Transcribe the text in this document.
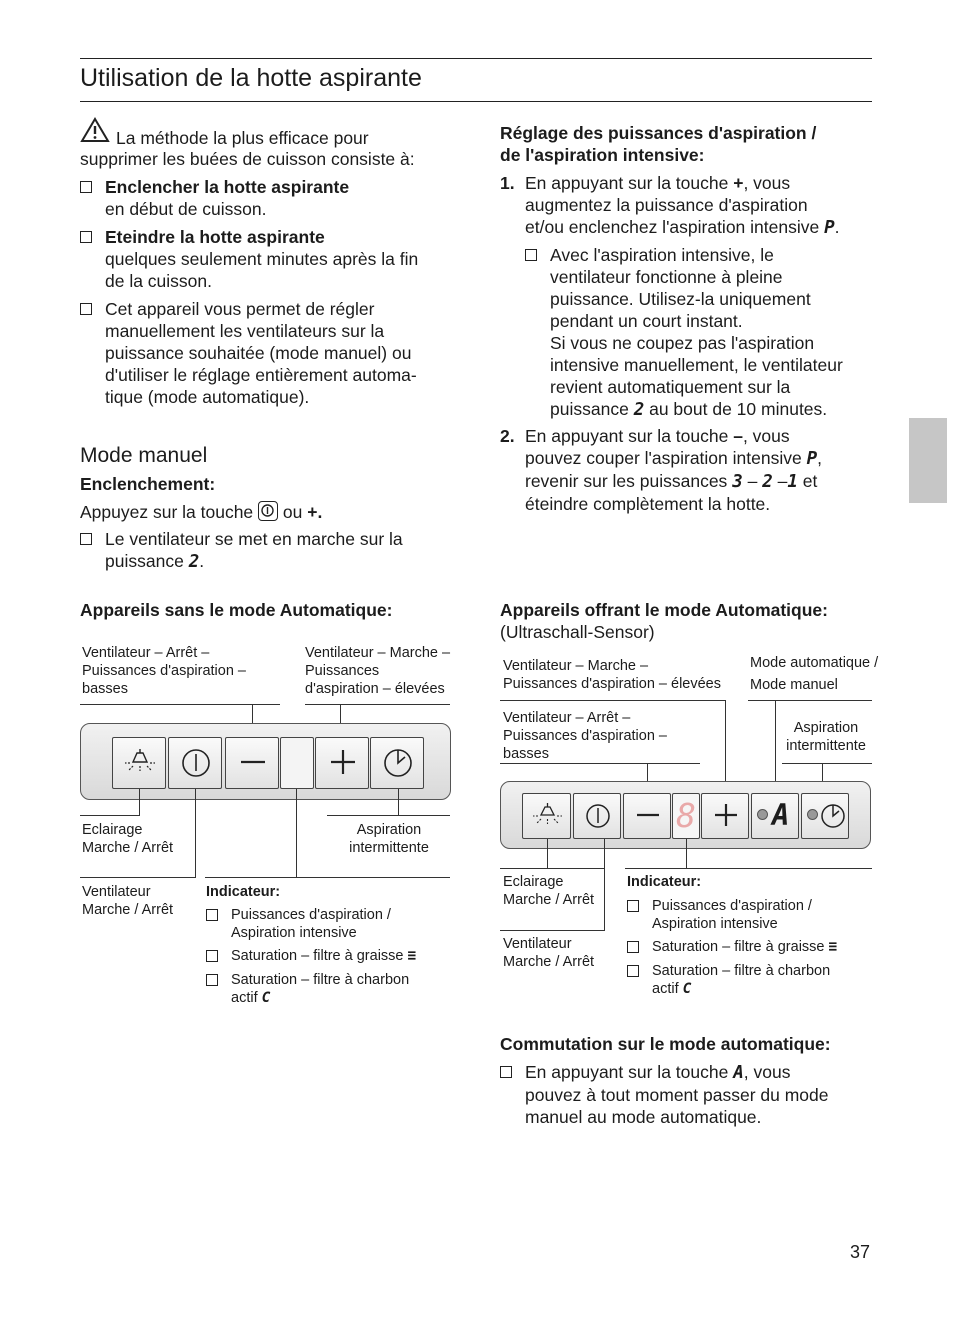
Utilisation de la hotte aspirante
La méthode la plus efficace pour
supprimer les buées de cuisson consiste à:
Enclencher la hotte aspirante
en début de cuisson.
Eteindre la hotte aspirante
quelques seulement minutes après la fin
de la cuisson.
Cet appareil vous permet de régler
manuellement les ventilateurs sur la
puissance souhaitée (mode manuel) ou
d'utiliser le réglage entièrement automa-
tique (mode automatique).
Mode manuel
Enclenchement:
Appuyez sur la touche ou +.
Le ventilateur se met en marche sur la
puissance 2.
Réglage des puissances d'aspiration /
de l'aspiration intensive:
1. En appuyant sur la touche +, vous
augmentez la puissance d'aspiration
et/ou enclenchez l'aspiration intensive P.
Avec l'aspiration intensive, le
ventilateur fonctionne à pleine
puissance. Utilisez-la uniquement
pendant un court instant.
Si vous ne coupez pas l'aspiration
intensive manuellement, le ventilateur
revient automatiquement sur la
puissance 2 au bout de 10 minutes.
2. En appuyant sur la touche –, vous
pouvez couper l'aspiration intensive P,
revenir sur les puissances 3 – 2 –1 et
éteindre complètement la hotte.
Appareils sans le mode Automatique:
Ventilateur – Arrêt –
Puissances d'aspiration –
basses
Ventilateur – Marche –
Puissances
d'aspiration – élevées
Eclairage
Marche / Arrêt
Aspiration
intermittente
Ventilateur
Marche / Arrêt
Indicateur:
Puissances d'aspiration /
Aspiration intensive
Saturation – filtre à graisse ≡
Saturation – filtre à charbon
actif C
Appareils offrant le mode Automatique:
(Ultraschall-Sensor)
Ventilateur – Marche –
Puissances d'aspiration – élevées
Mode automatique /
Mode manuel
Ventilateur – Arrêt –
Puissances d'aspiration –
basses
Aspiration
intermittente
8	A
Eclairage
Marche / Arrêt
Ventilateur
Marche / Arrêt
Indicateur:
Puissances d'aspiration /
Aspiration intensive
Saturation – filtre à graisse ≡
Saturation – filtre à charbon
actif C
Commutation sur le mode automatique:
En appuyant sur la touche A, vous
pouvez à tout moment passer du mode
manuel au mode automatique.
37
